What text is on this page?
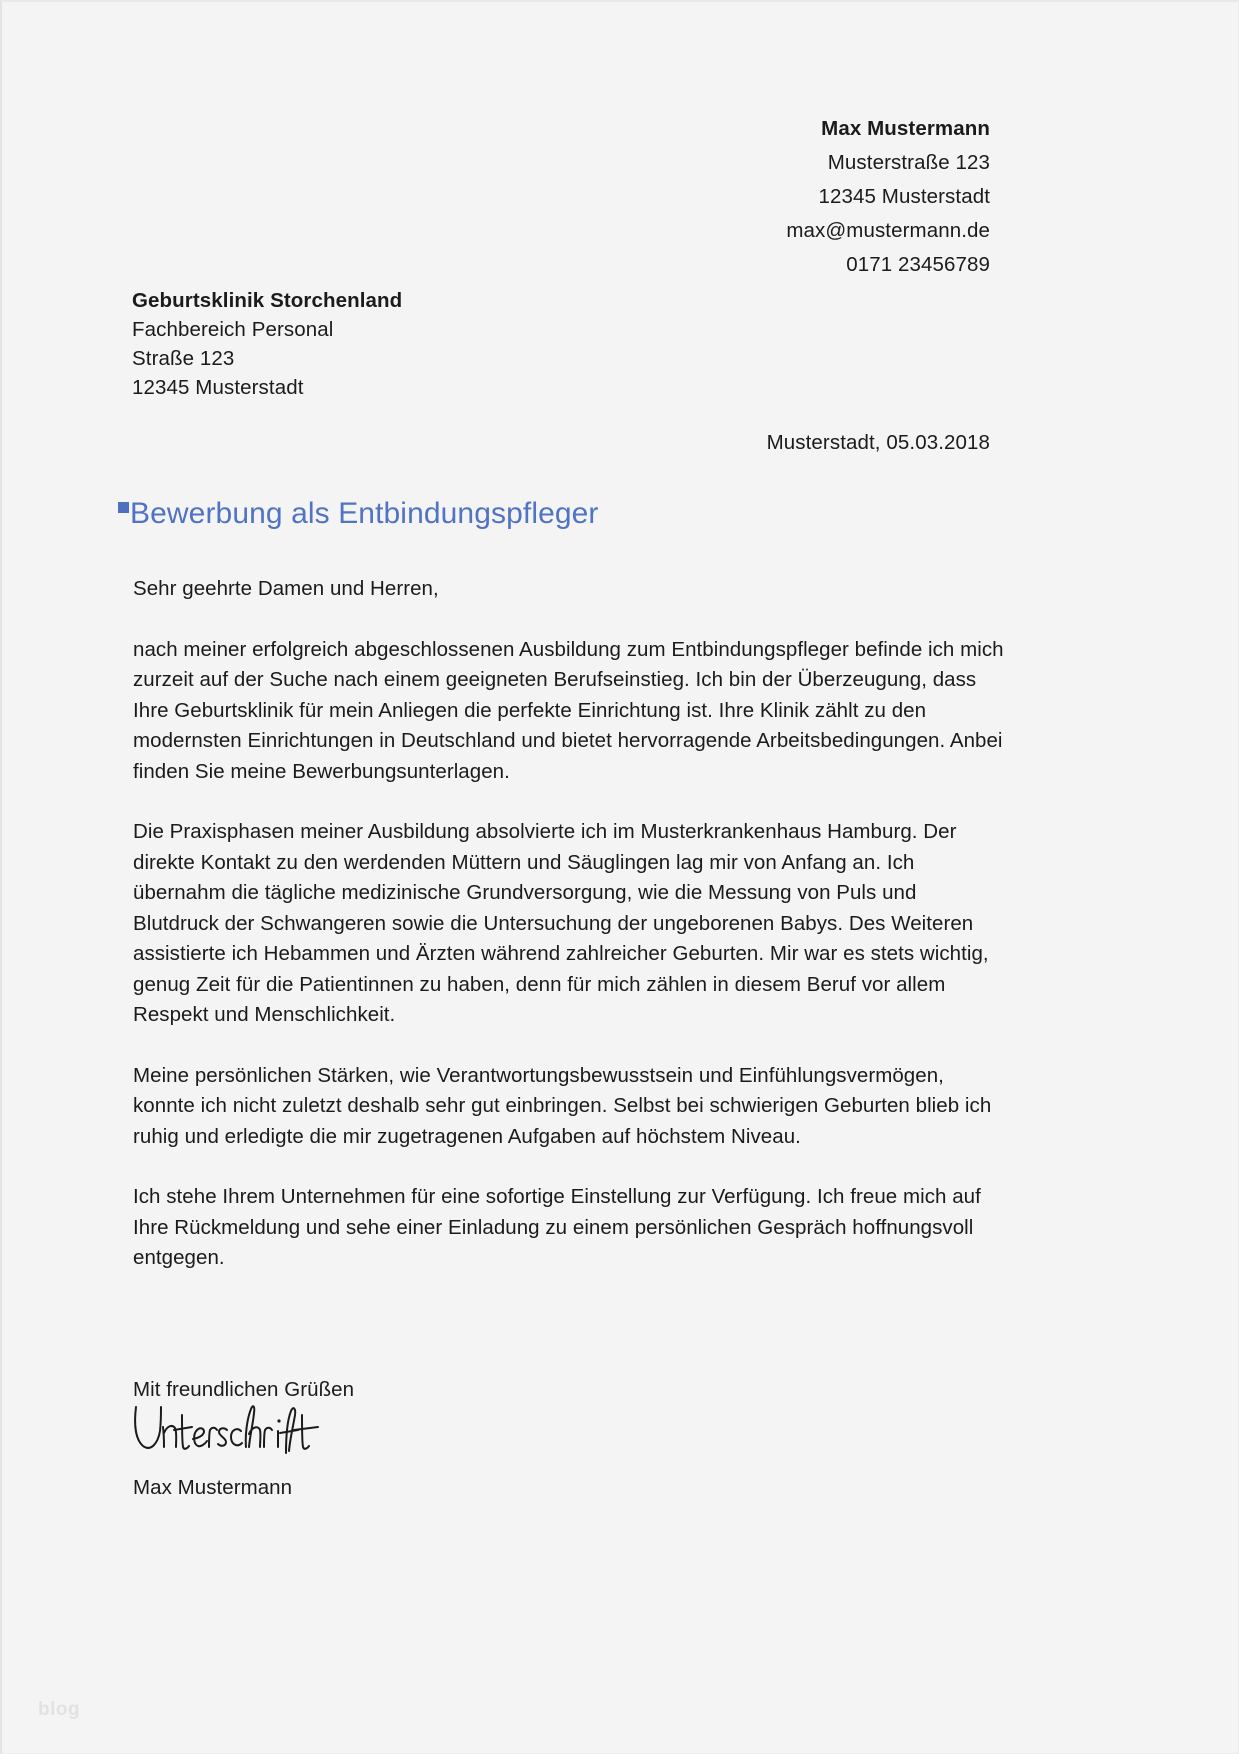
Max Mustermann
Musterstraße 123
12345 Musterstadt
max@mustermann.de
0171 23456789
Geburtsklinik Storchenland
Fachbereich Personal
Straße 123
12345 Musterstadt
Musterstadt, 05.03.2018
Bewerbung als Entbindungspfleger

Sehr geehrte Damen und Herren,

nach meiner erfolgreich abgeschlossenen Ausbildung zum Entbindungspfleger befinde ich mich zurzeit auf der Suche nach einem geeigneten Berufseinstieg. Ich bin der Überzeugung, dass Ihre Geburtsklinik für mein Anliegen die perfekte Einrichtung ist. Ihre Klinik zählt zu den modernsten Einrichtungen in Deutschland und bietet hervorragende Arbeitsbedingungen. Anbei finden Sie meine Bewerbungsunterlagen.

Die Praxisphasen meiner Ausbildung absolvierte ich im Musterkrankenhaus Hamburg. Der direkte Kontakt zu den werdenden Müttern und Säuglingen lag mir von Anfang an. Ich übernahm die tägliche medizinische Grundversorgung, wie die Messung von Puls und Blutdruck der Schwangeren sowie die Untersuchung der ungeborenen Babys. Des Weiteren assistierte ich Hebammen und Ärzten während zahlreicher Geburten. Mir war es stets wichtig, genug Zeit für die Patientinnen zu haben, denn für mich zählen in diesem Beruf vor allem Respekt und Menschlichkeit.

Meine persönlichen Stärken, wie Verantwortungsbewusstsein und Einfühlungsvermögen, konnte ich nicht zuletzt deshalb sehr gut einbringen. Selbst bei schwierigen Geburten blieb ich ruhig und erledigte die mir zugetragenen Aufgaben auf höchstem Niveau.

Ich stehe Ihrem Unternehmen für eine sofortige Einstellung zur Verfügung. Ich freue mich auf Ihre Rückmeldung und sehe einer Einladung zu einem persönlichen Gespräch hoffnungsvoll entgegen.

Mit freundlichen Grüßen
Max Mustermann
blog
